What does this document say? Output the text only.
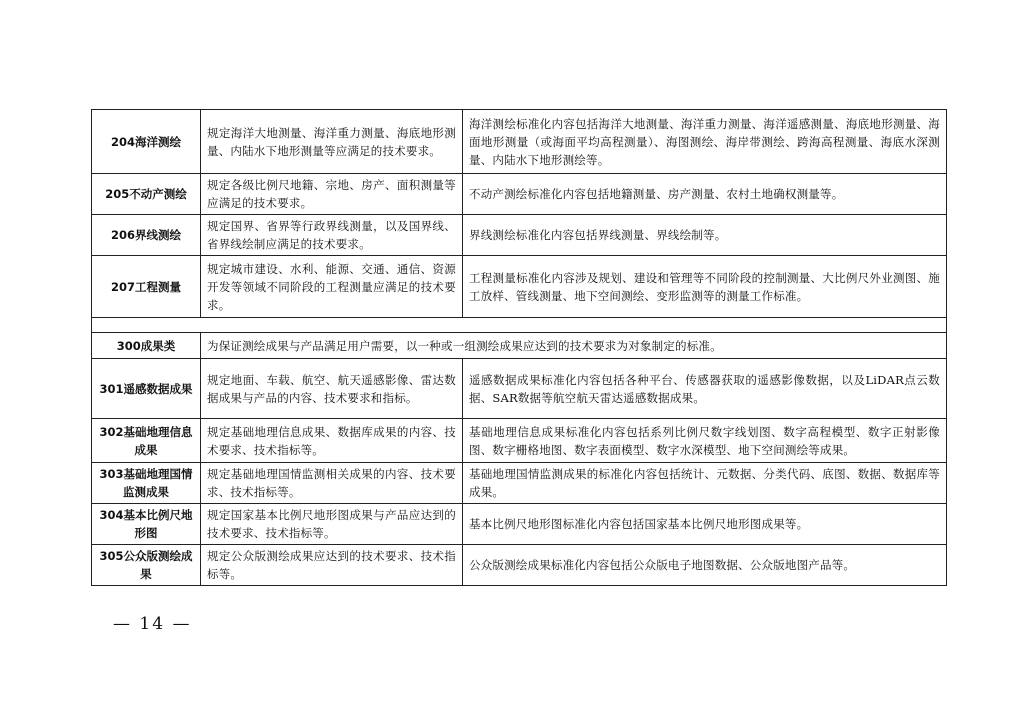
204海洋测绘	规定海洋大地测量、海洋重力测量、海底地形测量、内陆水下地形测量等应满足的技术要求。	海洋测绘标准化内容包括海洋大地测量、海洋重力测量、海洋遥感测量、海底地形测量、海面地形测量（或海面平均高程测量）、海图测绘、海岸带测绘、跨海高程测量、海底水深测量、内陆水下地形测绘等。
205不动产测绘	规定各级比例尺地籍、宗地、房产、面积测量等应满足的技术要求。	不动产测绘标准化内容包括地籍测量、房产测量、农村土地确权测量等。
206界线测绘	规定国界、省界等行政界线测量，以及国界线、省界线绘制应满足的技术要求。	界线测绘标准化内容包括界线测量、界线绘制等。
207工程测量	规定城市建设、水利、能源、交通、通信、资源开发等领域不同阶段的工程测量应满足的技术要求。	工程测量标准化内容涉及规划、建设和管理等不同阶段的控制测量、大比例尺外业测图、施工放样、管线测量、地下空间测绘、变形监测等的测量工作标准。

300成果类	为保证测绘成果与产品满足用户需要，以一种或一组测绘成果应达到的技术要求为对象制定的标准。	
301遥感数据成果	规定地面、车载、航空、航天遥感影像、雷达数据成果与产品的内容、技术要求和指标。	遥感数据成果标准化内容包括各种平台、传感器获取的遥感影像数据，以及LiDAR点云数据、SAR数据等航空航天雷达遥感数据成果。
302基础地理信息成果	规定基础地理信息成果、数据库成果的内容、技术要求、技术指标等。	基础地理信息成果标准化内容包括系列比例尺数字线划图、数字高程模型、数字正射影像图、数字栅格地图、数字表面模型、数字水深模型、地下空间测绘等成果。
303基础地理国情监测成果	规定基础地理国情监测相关成果的内容、技术要求、技术指标等。	基础地理国情监测成果的标准化内容包括统计、元数据、分类代码、底图、数据、数据库等成果。
304基本比例尺地形图	规定国家基本比例尺地形图成果与产品应达到的技术要求、技术指标等。	基本比例尺地形图标准化内容包括国家基本比例尺地形图成果等。
305公众版测绘成果	规定公众版测绘成果应达到的技术要求、技术指标等。	公众版测绘成果标准化内容包括公众版电子地图数据、公众版地图产品等。
— 14 —
